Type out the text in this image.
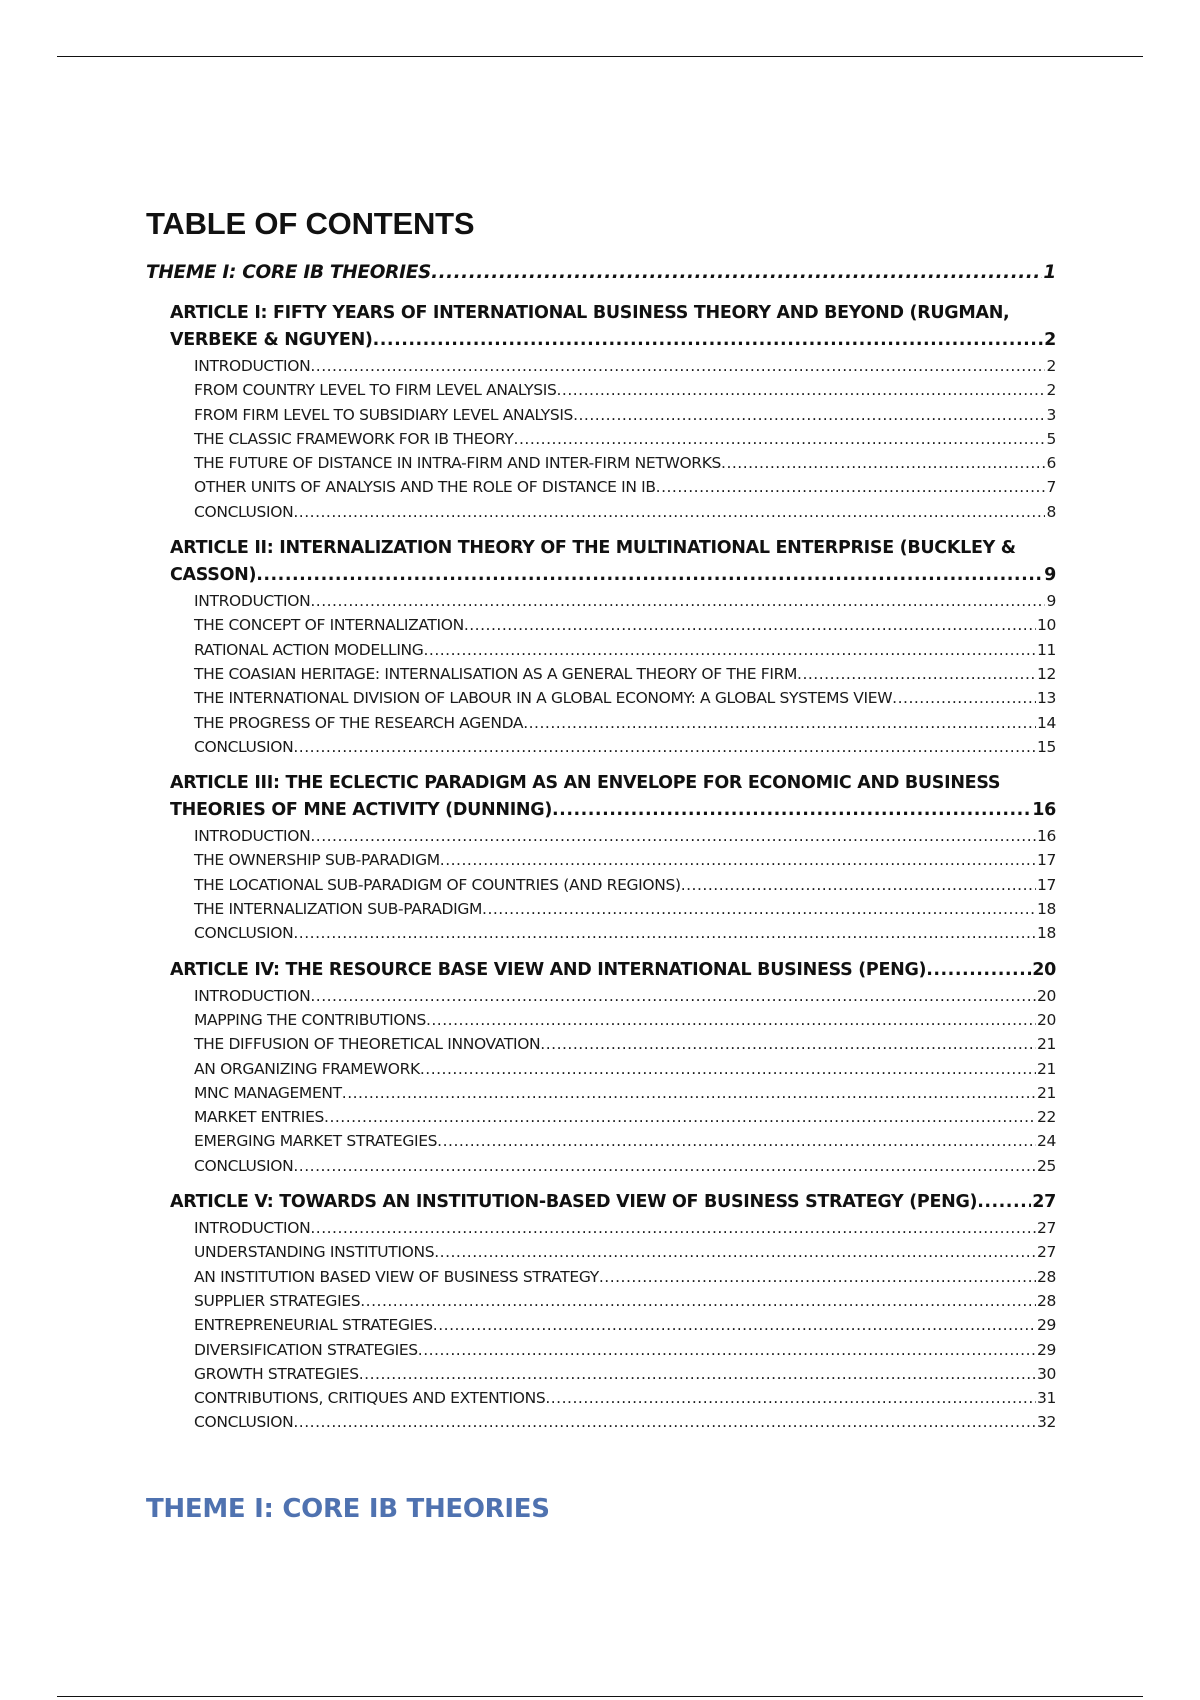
TABLE OF CONTENTS
THEME I: CORE IB THEORIES .....	1
ARTICLE I: FIFTY YEARS OF INTERNATIONAL BUSINESS THEORY AND BEYOND (RUGMAN,
VERBEKE & NGUYEN) .....	2
INTRODUCTION .....	2
FROM COUNTRY LEVEL TO FIRM LEVEL ANALYSIS .....	2
FROM FIRM LEVEL TO SUBSIDIARY LEVEL ANALYSIS .....	3
THE CLASSIC FRAMEWORK FOR IB THEORY .....	5
THE FUTURE OF DISTANCE IN INTRA-FIRM AND INTER-FIRM NETWORKS .....	6
OTHER UNITS OF ANALYSIS AND THE ROLE OF DISTANCE IN IB .....	7
CONCLUSION .....	8
ARTICLE II: INTERNALIZATION THEORY OF THE MULTINATIONAL ENTERPRISE (BUCKLEY &
CASSON) .....	9
INTRODUCTION .....	9
THE CONCEPT OF INTERNALIZATION .....	10
RATIONAL ACTION MODELLING .....	11
THE COASIAN HERITAGE: INTERNALISATION AS A GENERAL THEORY OF THE FIRM .....	12
THE INTERNATIONAL DIVISION OF LABOUR IN A GLOBAL ECONOMY: A GLOBAL SYSTEMS VIEW .....	13
THE PROGRESS OF THE RESEARCH AGENDA .....	14
CONCLUSION .....	15
ARTICLE III: THE ECLECTIC PARADIGM AS AN ENVELOPE FOR ECONOMIC AND BUSINESS
THEORIES OF MNE ACTIVITY (DUNNING) .....	16
INTRODUCTION .....	16
THE OWNERSHIP SUB-PARADIGM .....	17
THE LOCATIONAL SUB-PARADIGM OF COUNTRIES (AND REGIONS) .....	17
THE INTERNALIZATION SUB-PARADIGM .....	18
CONCLUSION .....	18
ARTICLE IV: THE RESOURCE BASE VIEW AND INTERNATIONAL BUSINESS (PENG) .....	20
INTRODUCTION .....	20
MAPPING THE CONTRIBUTIONS .....	20
THE DIFFUSION OF THEORETICAL INNOVATION .....	21
AN ORGANIZING FRAMEWORK .....	21
MNC MANAGEMENT .....	21
MARKET ENTRIES .....	22
EMERGING MARKET STRATEGIES .....	24
CONCLUSION .....	25
ARTICLE V: TOWARDS AN INSTITUTION-BASED VIEW OF BUSINESS STRATEGY (PENG) .....	27
INTRODUCTION .....	27
UNDERSTANDING INSTITUTIONS .....	27
AN INSTITUTION BASED VIEW OF BUSINESS STRATEGY .....	28
SUPPLIER STRATEGIES .....	28
ENTREPRENEURIAL STRATEGIES .....	29
DIVERSIFICATION STRATEGIES .....	29
GROWTH STRATEGIES .....	30
CONTRIBUTIONS, CRITIQUES AND EXTENTIONS .....	31
CONCLUSION .....	32
THEME I: CORE IB THEORIES
